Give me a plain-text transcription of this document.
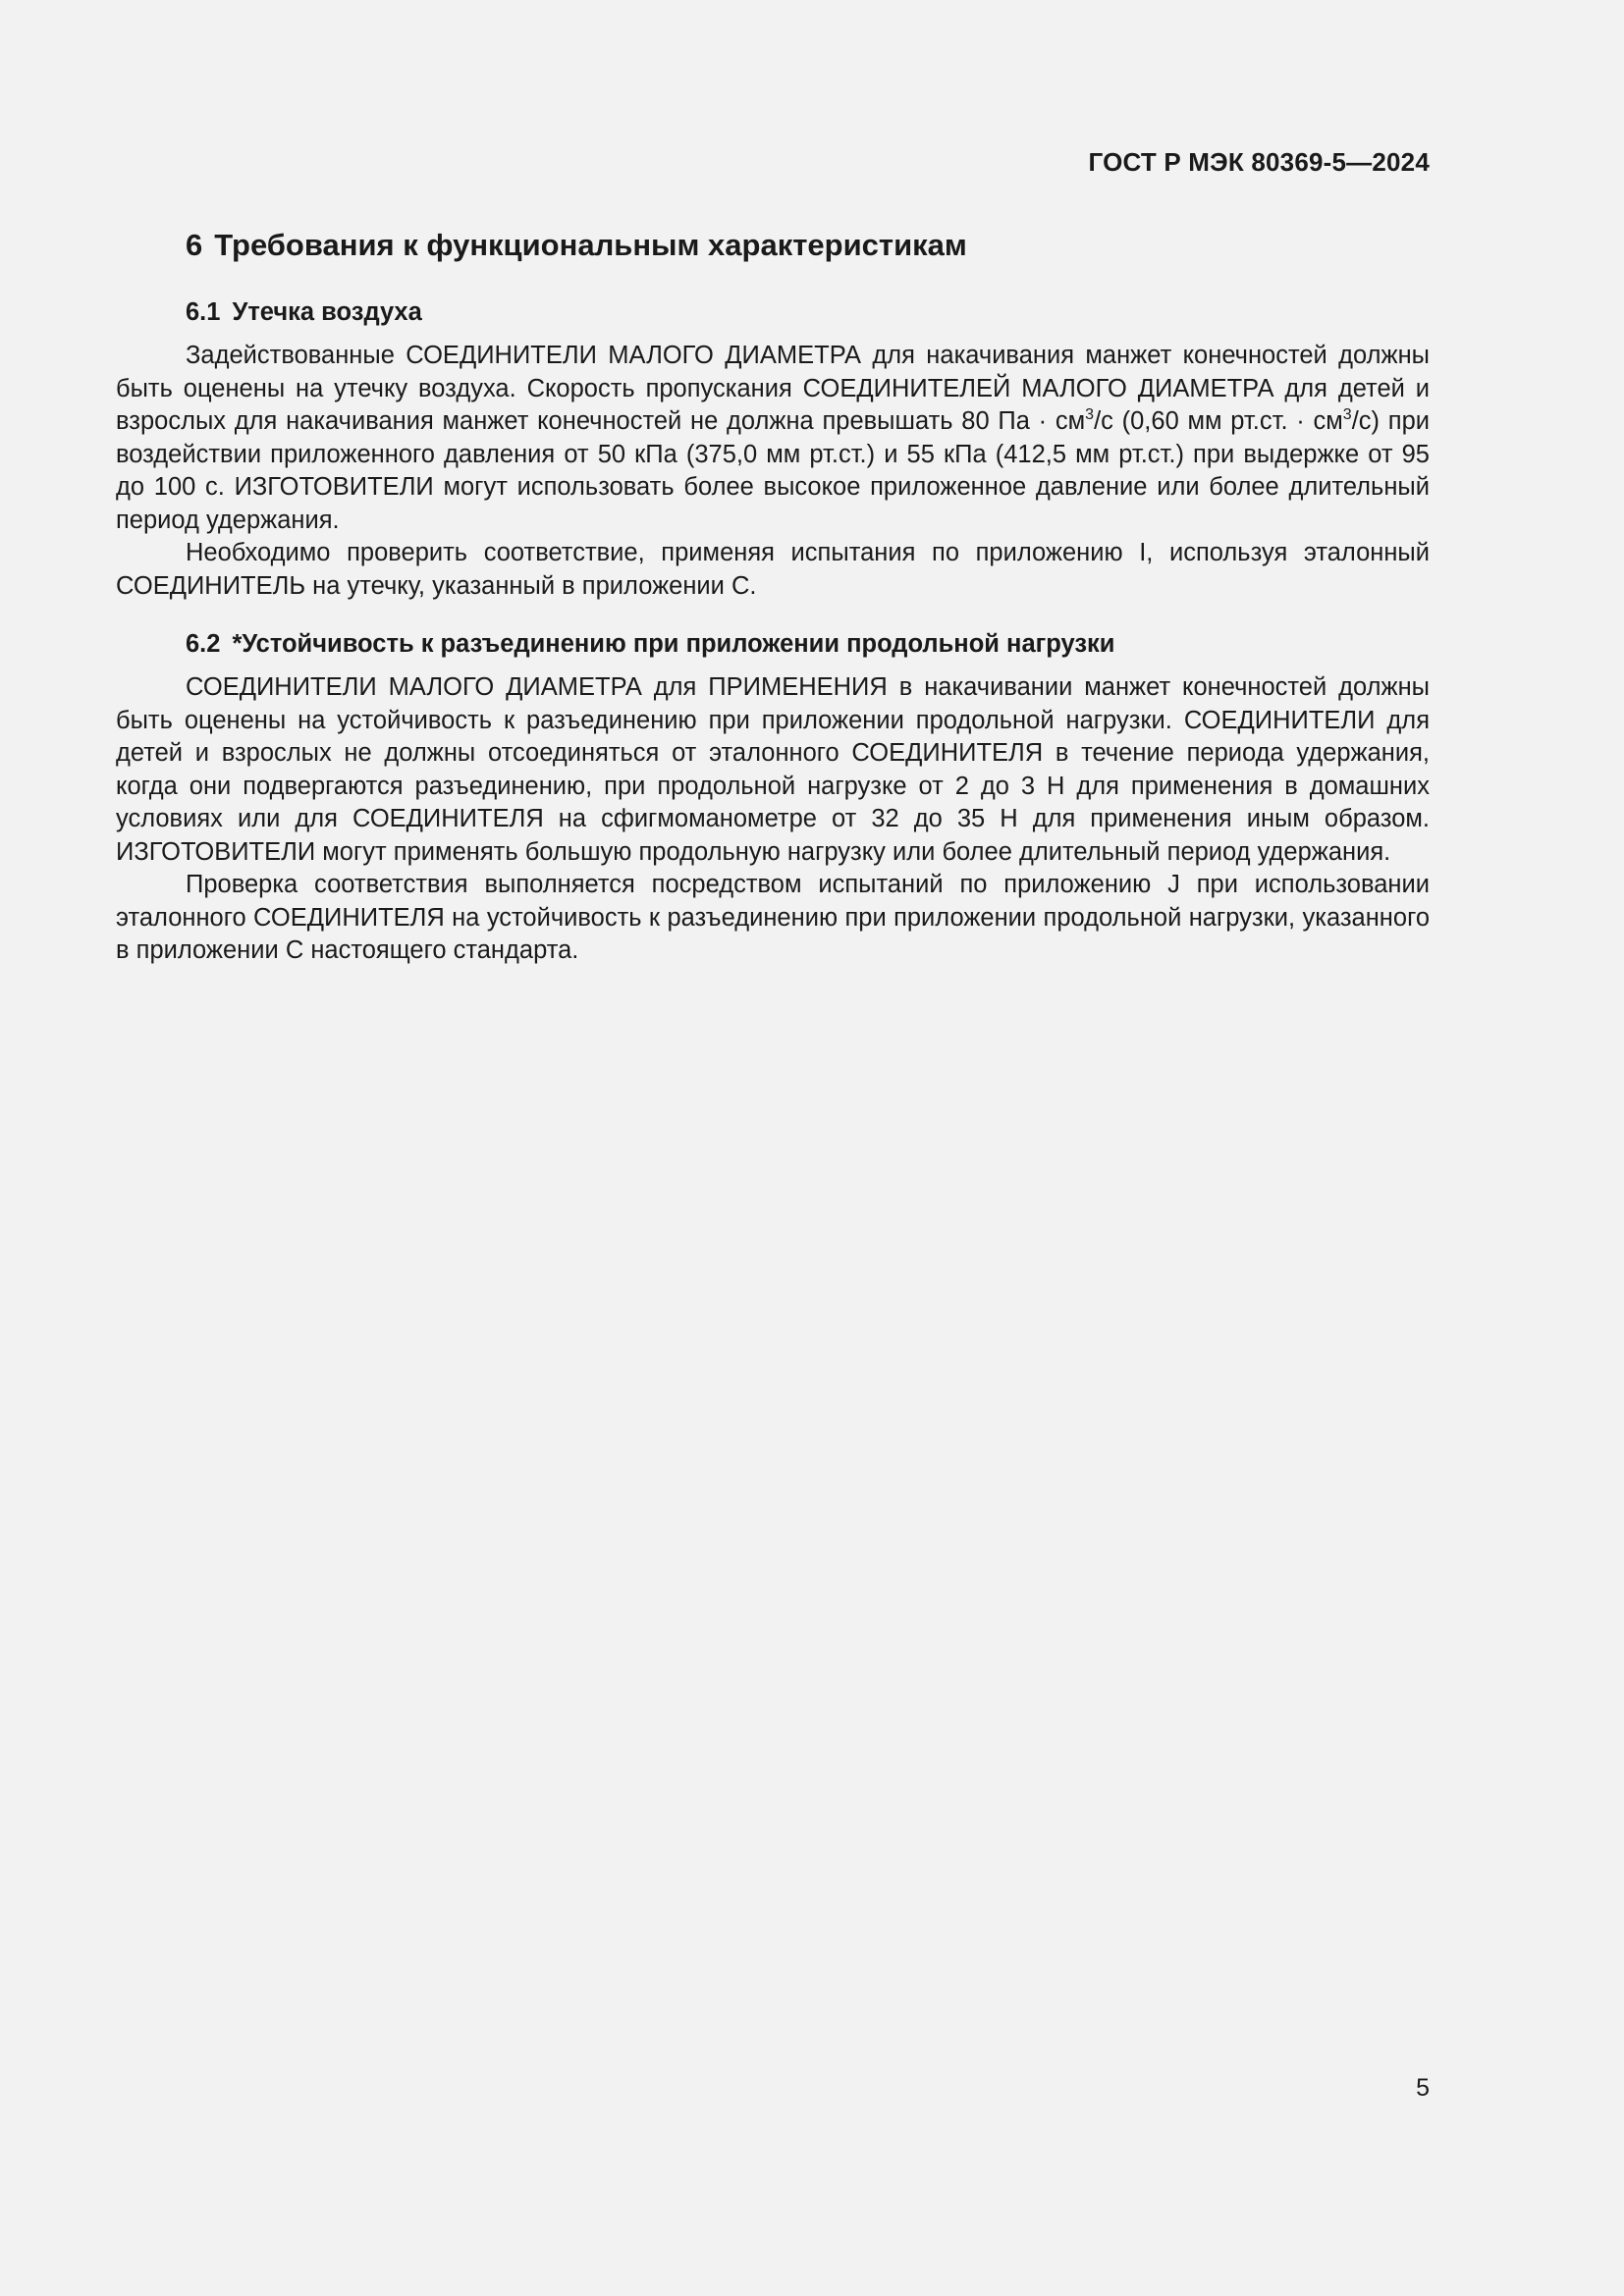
ГОСТ Р МЭК 80369-5—2024
6 Требования к функциональным характеристикам
6.1 Утечка воздуха

Задействованные СОЕДИНИТЕЛИ МАЛОГО ДИАМЕТРА для накачивания манжет конечностей должны быть оценены на утечку воздуха. Скорость пропускания СОЕДИНИТЕЛЕЙ МАЛОГО ДИАМЕТРА для детей и взрослых для накачивания манжет конечностей не должна превышать 80 Па · $см^3/с$ (0,60 мм рт.ст. · $см^3/с$) при воздействии приложенного давления от 50 кПа (375,0 мм рт.ст.) и 55 кПа (412,5 мм рт.ст.) при выдержке от 95 до 100 с. ИЗГОТОВИТЕЛИ могут использовать более высокое приложенное давление или более длительный период удержания.

Необходимо проверить соответствие, применяя испытания по приложению I, используя эталонный СОЕДИНИТЕЛЬ на утечку, указанный в приложении С.

6.2 *Устойчивость к разъединению при приложении продольной нагрузки

СОЕДИНИТЕЛИ МАЛОГО ДИАМЕТРА для ПРИМЕНЕНИЯ в накачивании манжет конечностей должны быть оценены на устойчивость к разъединению при приложении продольной нагрузки. СОЕДИНИТЕЛИ для детей и взрослых не должны отсоединяться от эталонного СОЕДИНИТЕЛЯ в течение периода удержания, когда они подвергаются разъединению, при продольной нагрузке от 2 до 3 Н для применения в домашних условиях или для СОЕДИНИТЕЛЯ на сфигмоманометре от 32 до 35 Н для применения иным образом. ИЗГОТОВИТЕЛИ могут применять большую продольную нагрузку или более длительный период удержания.

Проверка соответствия выполняется посредством испытаний по приложению J при использовании эталонного СОЕДИНИТЕЛЯ на устойчивость к разъединению при приложении продольной нагрузки, указанного в приложении С настоящего стандарта.

5
